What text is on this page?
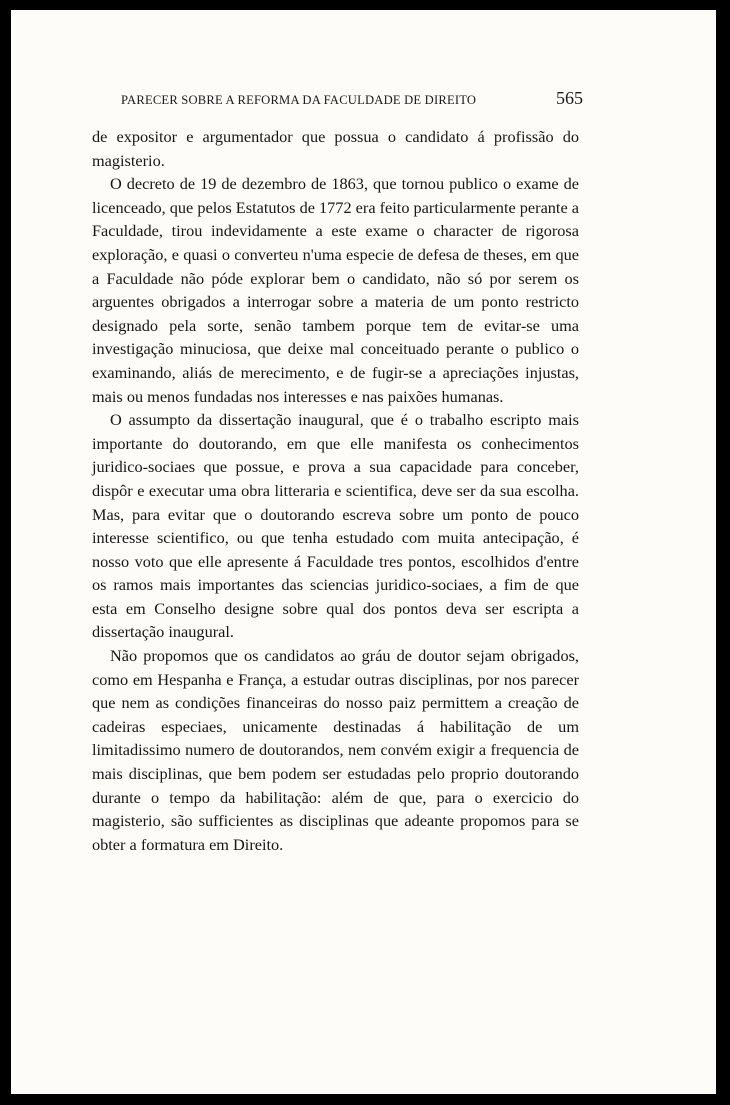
PARECER SOBRE A REFORMA DA FACULDADE DE DIREITO	565

de expositor e argumentador que possua o candidato á profissão do magisterio.

O decreto de 19 de dezembro de 1863, que tornou publico o exame de licenceado, que pelos Estatutos de 1772 era feito particularmente perante a Faculdade, tirou indevidamente a este exame o character de rigorosa exploração, e quasi o converteu n'uma especie de defesa de theses, em que a Faculdade não póde explorar bem o candidato, não só por serem os arguentes obrigados a interrogar sobre a materia de um ponto restricto designado pela sorte, senão tambem porque tem de evitar-se uma investigação minuciosa, que deixe mal conceituado perante o publico o examinando, aliás de merecimento, e de fugir-se a apreciações injustas, mais ou menos fundadas nos interesses e nas paixões humanas.

O assumpto da dissertação inaugural, que é o trabalho escripto mais importante do doutorando, em que elle manifesta os conhecimentos juridico-sociaes que possue, e prova a sua capacidade para conceber, dispôr e executar uma obra litteraria e scientifica, deve ser da sua escolha. Mas, para evitar que o doutorando escreva sobre um ponto de pouco interesse scientifico, ou que tenha estudado com muita antecipação, é nosso voto que elle apresente á Faculdade tres pontos, escolhidos d'entre os ramos mais importantes das sciencias juridico-sociaes, a fim de que esta em Conselho designe sobre qual dos pontos deva ser escripta a dissertação inaugural.

Não propomos que os candidatos ao gráu de doutor sejam obrigados, como em Hespanha e França, a estudar outras disciplinas, por nos parecer que nem as condições financeiras do nosso paiz permittem a creação de cadeiras especiaes, unicamente destinadas á habilitação de um limitadissimo numero de doutorandos, nem convém exigir a frequencia de mais disciplinas, que bem podem ser estudadas pelo proprio doutorando durante o tempo da habilitação: além de que, para o exercicio do magisterio, são sufficientes as disciplinas que adeante propomos para se obter a formatura em Direito.
